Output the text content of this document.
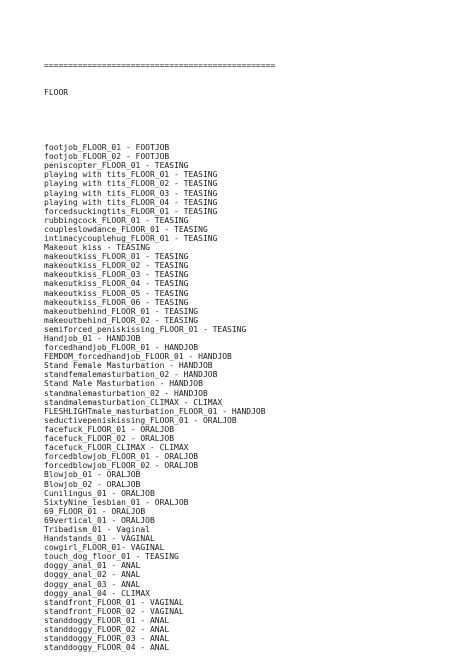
================================================

FLOOR

footjob_FLOOR_01 - FOOTJOB
footjob_FLOOR_02 - FOOTJOB
peniscopter_FLOOR_01 - TEASING
playing with tits_FLOOR_01 - TEASING
playing with tits_FLOOR_02 - TEASING
playing with tits_FLOOR_03 - TEASING
playing with tits_FLOOR_04 - TEASING
forcedsuckingtits_FLOOR_01 - TEASING
rubbingcock_FLOOR_01 - TEASING
coupleslowdance_FLOOR_01 - TEASING
intimacycouplehug_FLOOR_01 - TEASING
Makeout kiss - TEASING
makeoutkiss_FLOOR_01 - TEASING
makeoutkiss_FLOOR_02 - TEASING
makeoutkiss_FLOOR_03 - TEASING
makeoutkiss_FLOOR_04 - TEASING
makeoutkiss_FLOOR_05 - TEASING
makeoutkiss_FLOOR_06 - TEASING
makeoutbehind_FLOOR_01 - TEASING
makeoutbehind_FLOOR_02 - TEASING
semiforced_peniskissing_FLOOR_01 - TEASING
Handjob_01 - HANDJOB
forcedhandjob_FLOOR_01 - HANDJOB
FEMDOM_forcedhandjob_FLOOR_01 - HANDJOB
Stand Female Masturbation - HANDJOB
standfemalemasturbation_02 - HANDJOB
Stand Male Masturbation - HANDJOB
standmalemasturbation_02 - HANDJOB
standmalemasturbation_CLIMAX - CLIMAX
FLESHLIGHTmale_masturbation_FLOOR_01 - HANDJOB
seductivepeniskissing_FLOOR_01 - ORALJOB
facefuck_FLOOR_01 - ORALJOB
facefuck_FLOOR_02 - ORALJOB
facefuck_FLOOR_CLIMAX - CLIMAX
forcedblowjob_FLOOR_01 - ORALJOB
forcedblowjob_FLOOR_02 - ORALJOB
Blowjob_01 - ORALJOB
Blowjob_02 - ORALJOB
Cunilingus_01 - ORALJOB
SixtyNine_lesbian_01 - ORALJOB
69_FLOOR_01 - ORALJOB
69vertical_01 - ORALJOB
Tribadism_01 - Vaginal
Handstands_01 - VAGINAL
cowgirl_FLOOR_01- VAGINAL
touch_dog_floor_01 - TEASING
doggy_anal_01 - ANAL
doggy_anal_02 - ANAL
doggy_anal_03 - ANAL
doggy_anal_04 - CLIMAX
standfront_FLOOR_01 - VAGINAL
standfront_FLOOR_02 - VAGINAL
standdoggy_FLOOR_01 - ANAL
standdoggy_FLOOR_02 - ANAL
standdoggy_FLOOR_03 - ANAL
standdoggy_FLOOR_04 - ANAL
